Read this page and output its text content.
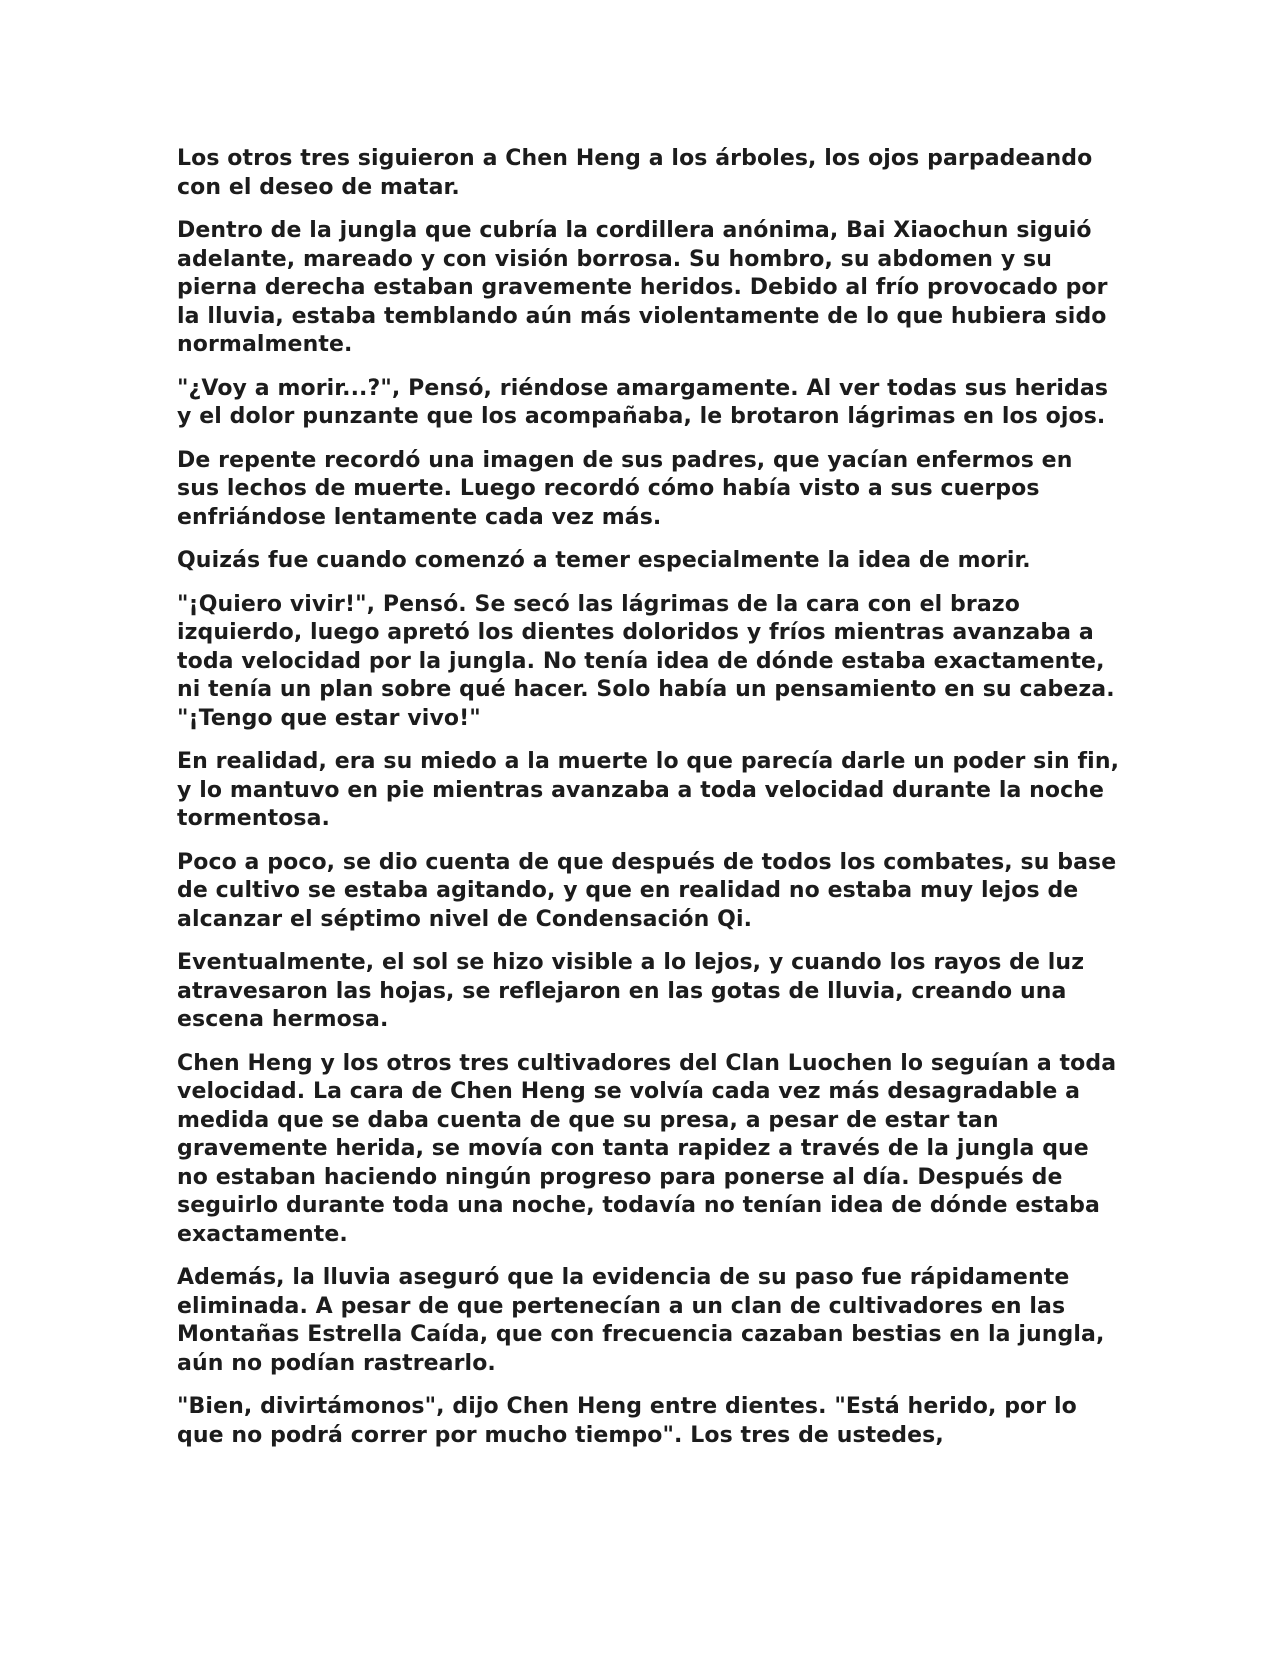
Los otros tres siguieron a Chen Heng a los árboles, los ojos parpadeando con el deseo de matar.

Dentro de la jungla que cubría la cordillera anónima, Bai Xiaochun siguió adelante, mareado y con visión borrosa. Su hombro, su abdomen y su pierna derecha estaban gravemente heridos. Debido al frío provocado por la lluvia, estaba temblando aún más violentamente de lo que hubiera sido normalmente.

"¿Voy a morir...?", Pensó, riéndose amargamente. Al ver todas sus heridas y el dolor punzante que los acompañaba, le brotaron lágrimas en los ojos.

De repente recordó una imagen de sus padres, que yacían enfermos en sus lechos de muerte. Luego recordó cómo había visto a sus cuerpos enfriándose lentamente cada vez más.

Quizás fue cuando comenzó a temer especialmente la idea de morir.

"¡Quiero vivir!", Pensó. Se secó las lágrimas de la cara con el brazo izquierdo, luego apretó los dientes doloridos y fríos mientras avanzaba a toda velocidad por la jungla. No tenía idea de dónde estaba exactamente, ni tenía un plan sobre qué hacer. Solo había un pensamiento en su cabeza. "¡Tengo que estar vivo!"

En realidad, era su miedo a la muerte lo que parecía darle un poder sin fin, y lo mantuvo en pie mientras avanzaba a toda velocidad durante la noche tormentosa.

Poco a poco, se dio cuenta de que después de todos los combates, su base de cultivo se estaba agitando, y que en realidad no estaba muy lejos de alcanzar el séptimo nivel de Condensación Qi.

Eventualmente, el sol se hizo visible a lo lejos, y cuando los rayos de luz atravesaron las hojas, se reflejaron en las gotas de lluvia, creando una escena hermosa.

Chen Heng y los otros tres cultivadores del Clan Luochen lo seguían a toda velocidad. La cara de Chen Heng se volvía cada vez más desagradable a medida que se daba cuenta de que su presa, a pesar de estar tan gravemente herida, se movía con tanta rapidez a través de la jungla que no estaban haciendo ningún progreso para ponerse al día. Después de seguirlo durante toda una noche, todavía no tenían idea de dónde estaba exactamente.

Además, la lluvia aseguró que la evidencia de su paso fue rápidamente eliminada. A pesar de que pertenecían a un clan de cultivadores en las Montañas Estrella Caída, que con frecuencia cazaban bestias en la jungla, aún no podían rastrearlo.

"Bien, divirtámonos", dijo Chen Heng entre dientes. "Está herido, por lo que no podrá correr por mucho tiempo". Los tres de ustedes,
